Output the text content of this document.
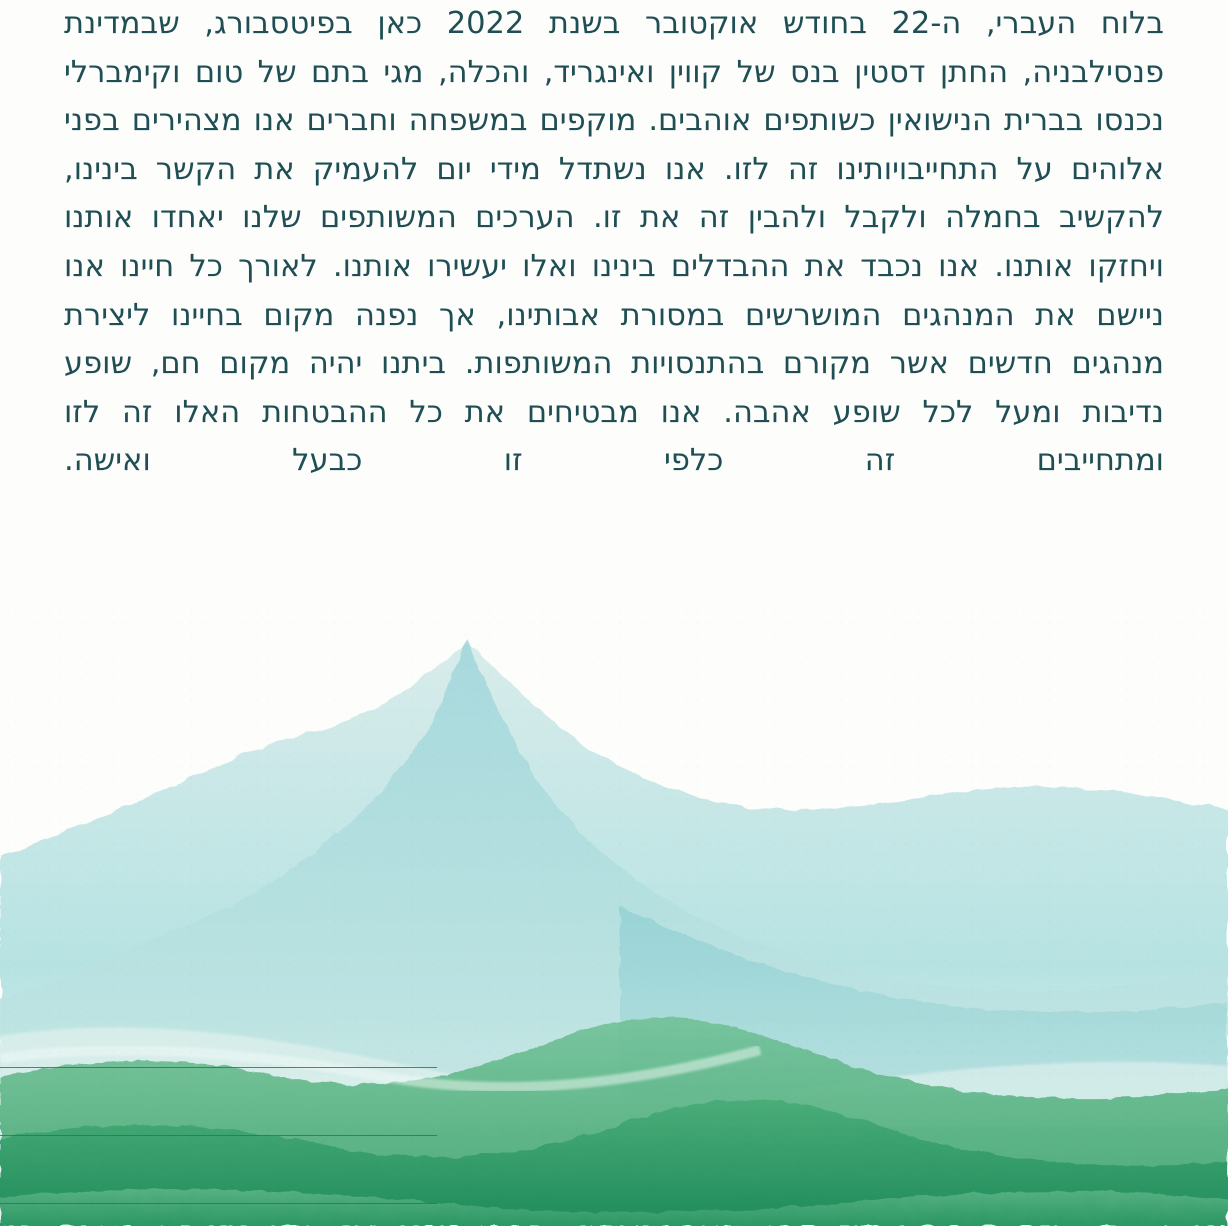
בלוח העברי, ה-22 בחודש אוקטובר בשנת 2022 כאן בפיטסבורג, שבמדינת פנסילבניה, החתן דסטין בנס של קווין ואינגריד, והכלה, מגי בתם של טום וקימברלי נכנסו בברית הנישואין כשותפים אוהבים. מוקפים במשפחה וחברים אנו מצהירים בפני אלוהים על התחייבויותינו זה לזו. אנו נשתדל מידי יום להעמיק את הקשר בינינו, להקשיב בחמלה ולקבל ולהבין זה את זו. הערכים המשותפים שלנו יאחדו אותנו ויחזקו אותנו. אנו נכבד את ההבדלים בינינו ואלו יעשירו אותנו. לאורך כל חיינו אנו ניישם את המנהגים המושרשים במסורת אבותינו, אך נפנה מקום בחיינו ליצירת מנהגים חדשים אשר מקורם בהתנסויות המשותפות. ביתנו יהיה מקום חם, שופע נדיבות ומעל לכל שופע אהבה. אנו מבטיחים את כל ההבטחות האלו זה לזו ומתחייבים זה כלפי זו כבעל ואישה.
